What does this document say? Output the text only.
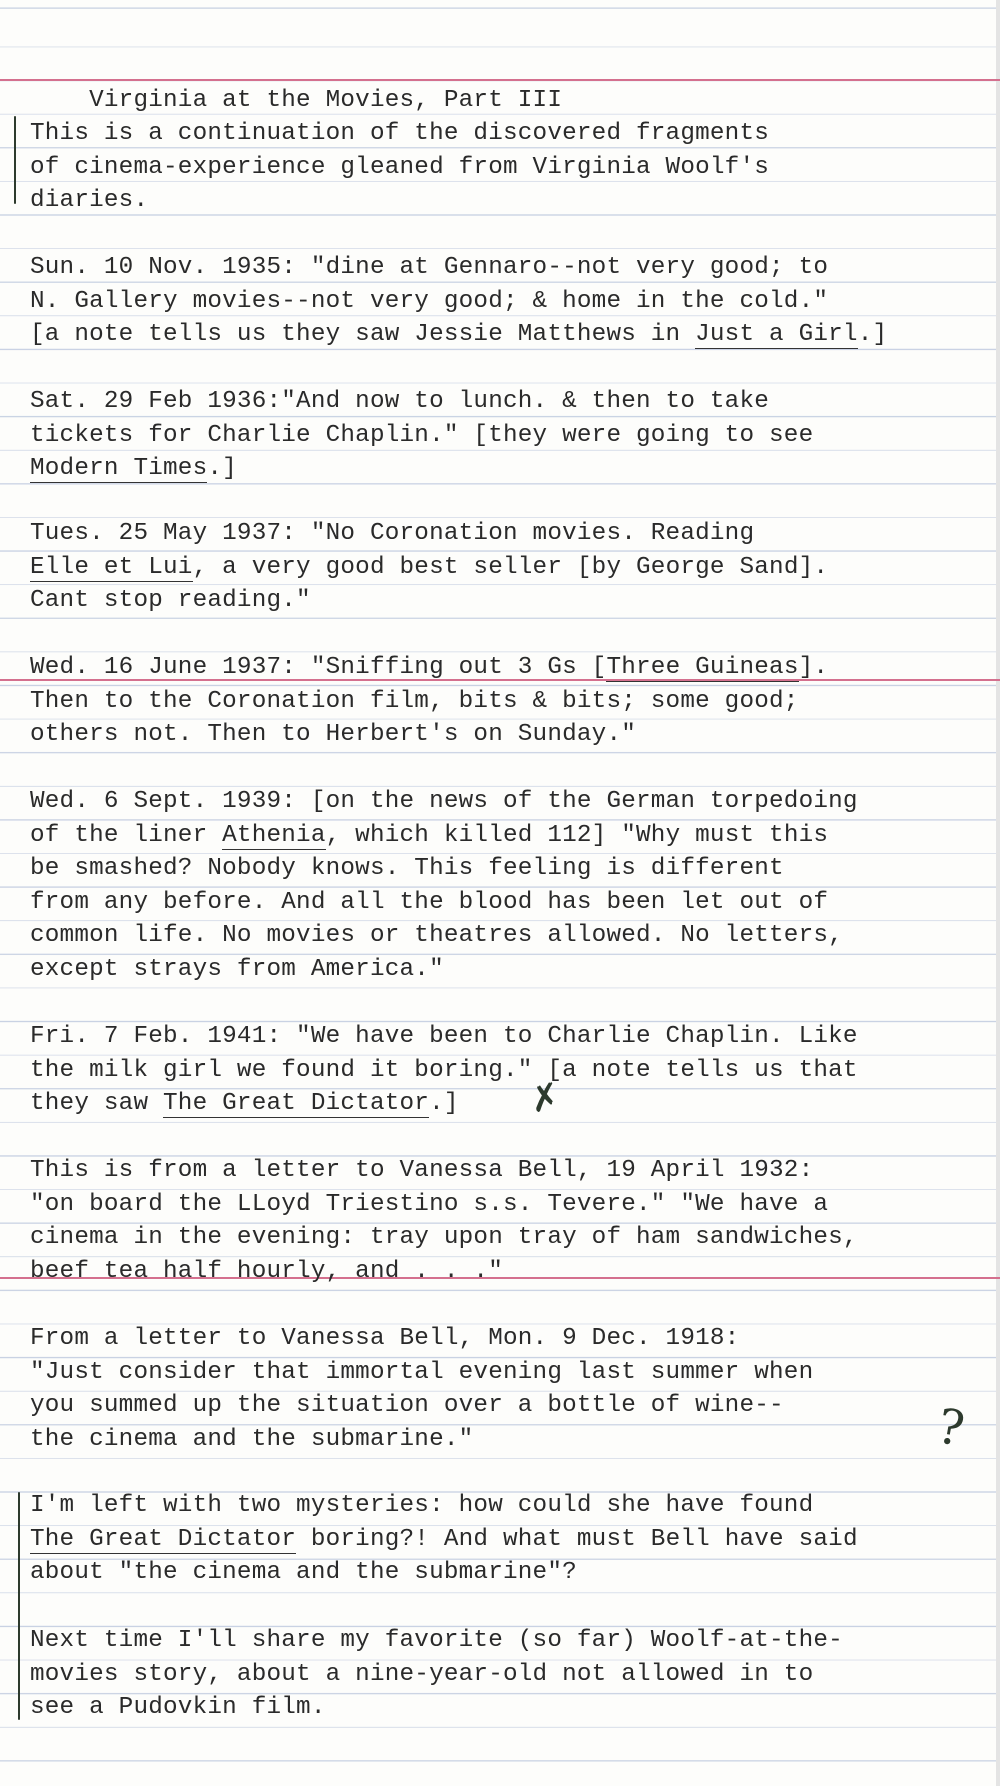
Virginia at the Movies, Part III

This is a continuation of the discovered fragments
of cinema-experience gleaned from Virginia Woolf's
diaries.
Sun. 10 Nov. 1935: "dine at Gennaro--not very good; to
N. Gallery movies--not very good; & home in the cold."
[a note tells us they saw Jessie Matthews in Just a Girl.]
Sat. 29 Feb 1936:"And now to lunch. & then to take
tickets for Charlie Chaplin." [they were going to see
Modern Times.]
Tues. 25 May 1937: "No Coronation movies. Reading
Elle et Lui, a very good best seller [by George Sand].
Cant stop reading."
Wed. 16 June 1937: "Sniffing out 3 Gs [Three Guineas].
Then to the Coronation film, bits & bits; some good;
others not. Then to Herbert's on Sunday."
Wed. 6 Sept. 1939: [on the news of the German torpedoing
of the liner Athenia, which killed 112] "Why must this
be smashed? Nobody knows. This feeling is different
from any before. And all the blood has been let out of
common life. No movies or theatres allowed. No letters,
except strays from America."
Fri. 7 Feb. 1941: "We have been to Charlie Chaplin. Like
the milk girl we found it boring." [a note tells us that
they saw The Great Dictator.]	✗
This is from a letter to Vanessa Bell, 19 April 1932:
"on board the LLoyd Triestino s.s. Tevere." "We have a
cinema in the evening: tray upon tray of ham sandwiches,
beef tea half hourly, and . . ."
From a letter to Vanessa Bell, Mon. 9 Dec. 1918:
"Just consider that immortal evening last summer when
you summed up the situation over a bottle of wine--
the cinema and the submarine."	?
I'm left with two mysteries: how could she have found
The Great Dictator boring?! And what must Bell have said
about "the cinema and the submarine"?
Next time I'll share my favorite (so far) Woolf-at-the-
movies story, about a nine-year-old not allowed in to
see a Pudovkin film.
